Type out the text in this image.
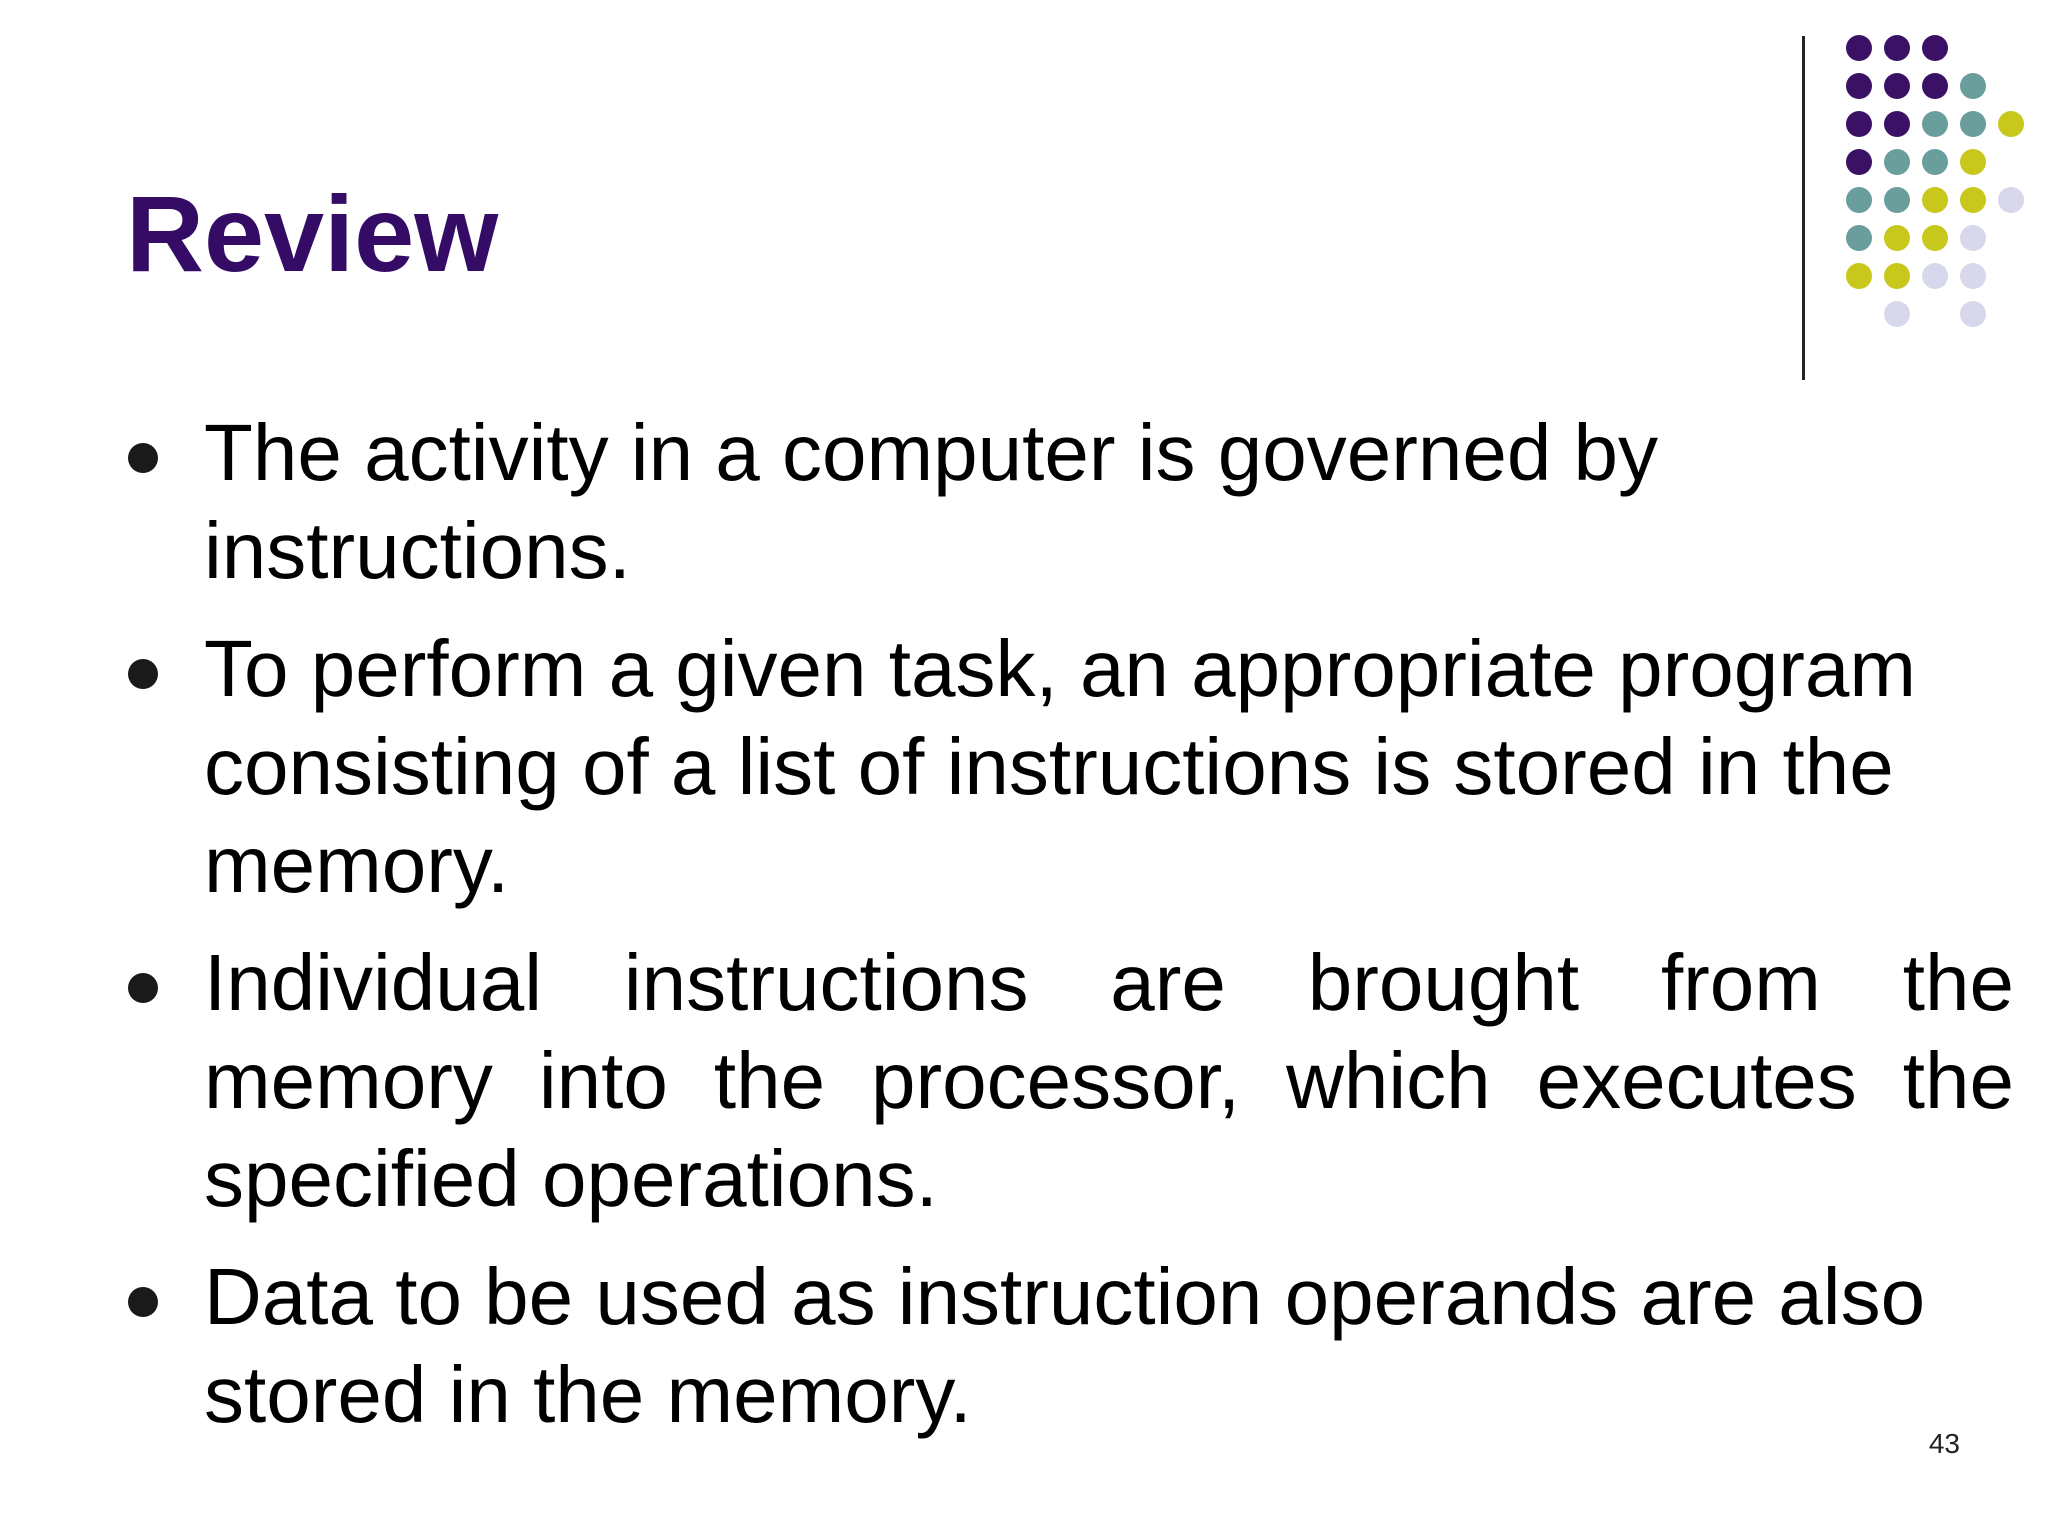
Review
The activity in a computer is governed by instructions.
To perform a given task, an appropriate program consisting of a list of instructions is stored in the memory.
Individual instructions are brought from the memory into the processor, which executes the specified operations.
Data to be used as instruction operands are also stored in the memory.
43
